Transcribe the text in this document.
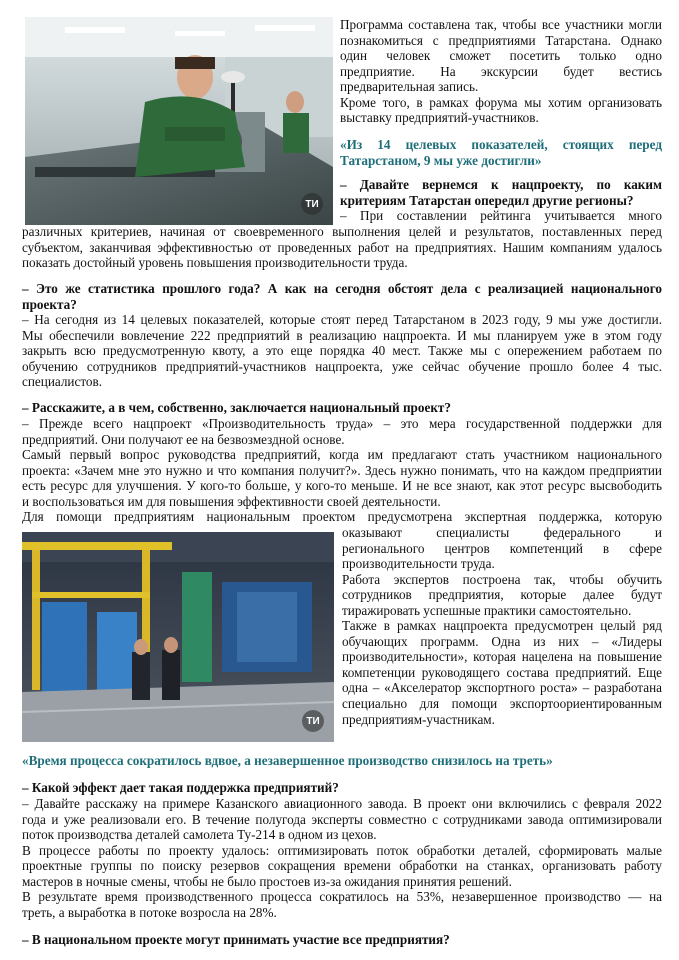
ТИ
Программа составлена так, чтобы все участники могли
познакомиться с предприятиями Татарстана. Однако
один человек сможет посетить только одно
предприятие. На экскурсии будет вестись
предварительная запись.
Кроме того, в рамках форума мы хотим организовать
выставку предприятий-участников.
«Из 14 целевых показателей, стоящих перед
Татарстаном, 9 мы уже достигли»
– Давайте вернемся к нацпроекту, по каким
критериям Татарстан опередил другие регионы?
– При составлении рейтинга учитывается много
различных критериев, начиная от своевременного выполнения целей и результатов, поставленных перед
субъектом, заканчивая эффективностью от проведенных работ на предприятиях. Нашим компаниям удалось
показать достойный уровень повышения производительности труда.
– Это же статистика прошлого года? А как на сегодня обстоят дела с реализацией национального
проекта?
– На сегодня из 14 целевых показателей, которые стоят перед Татарстаном в 2023 году, 9 мы уже достигли.
Мы обеспечили вовлечение 222 предприятий в реализацию нацпроекта. И мы планируем уже в этом году
закрыть всю предусмотренную квоту, а это еще порядка 40 мест. Также мы с опережением работаем по
обучению сотрудников предприятий-участников нацпроекта, уже сейчас обучение прошло более 4 тыс.
специалистов.
– Расскажите, а в чем, собственно, заключается национальный проект?
– Прежде всего нацпроект «Производительность труда» – это мера государственной поддержки для
предприятий. Они получают ее на безвозмездной основе.
Самый первый вопрос руководства предприятий, когда им предлагают стать участником национального
проекта: «Зачем мне это нужно и что компания получит?». Здесь нужно понимать, что на каждом предприятии
есть ресурс для улучшения. У кого-то больше, у кого-то меньше. И не все знают, как этот ресурс высвободить
и воспользоваться им для повышения эффективности своей деятельности.
Для помощи предприятиям национальным проектом предусмотрена экспертная поддержка, которую
ТИ
оказывают специалисты федерального и
регионального центров компетенций в сфере
производительности труда.
Работа экспертов построена так, чтобы обучить
сотрудников предприятия, которые далее будут
тиражировать успешные практики самостоятельно.
Также в рамках нацпроекта предусмотрен целый ряд
обучающих программ. Одна из них – «Лидеры
производительности», которая нацелена на повышение
компетенции руководящего состава предприятий. Еще
одна – «Акселератор экспортного роста» – разработана
специально для помощи экспортоориентированным
предприятиям-участникам.
«Время процесса сократилось вдвое, а незавершенное производство снизилось на треть»
– Какой эффект дает такая поддержка предприятий?
– Давайте расскажу на примере Казанского авиационного завода. В проект они включились с февраля 2022
года и уже реализовали его. В течение полугода эксперты совместно с сотрудниками завода оптимизировали
поток производства деталей самолета Ту-214 в одном из цехов.
В процессе работы по проекту удалось: оптимизировать поток обработки деталей, сформировать малые
проектные группы по поиску резервов сокращения времени обработки на станках, организовать работу
мастеров в ночные смены, чтобы не было простоев из-за ожидания принятия решений.
В результате время производственного процесса сократилось на 53%, незавершенное производство — на
треть, а выработка в потоке возросла на 28%.
– В национальном проекте могут принимать участие все предприятия?
